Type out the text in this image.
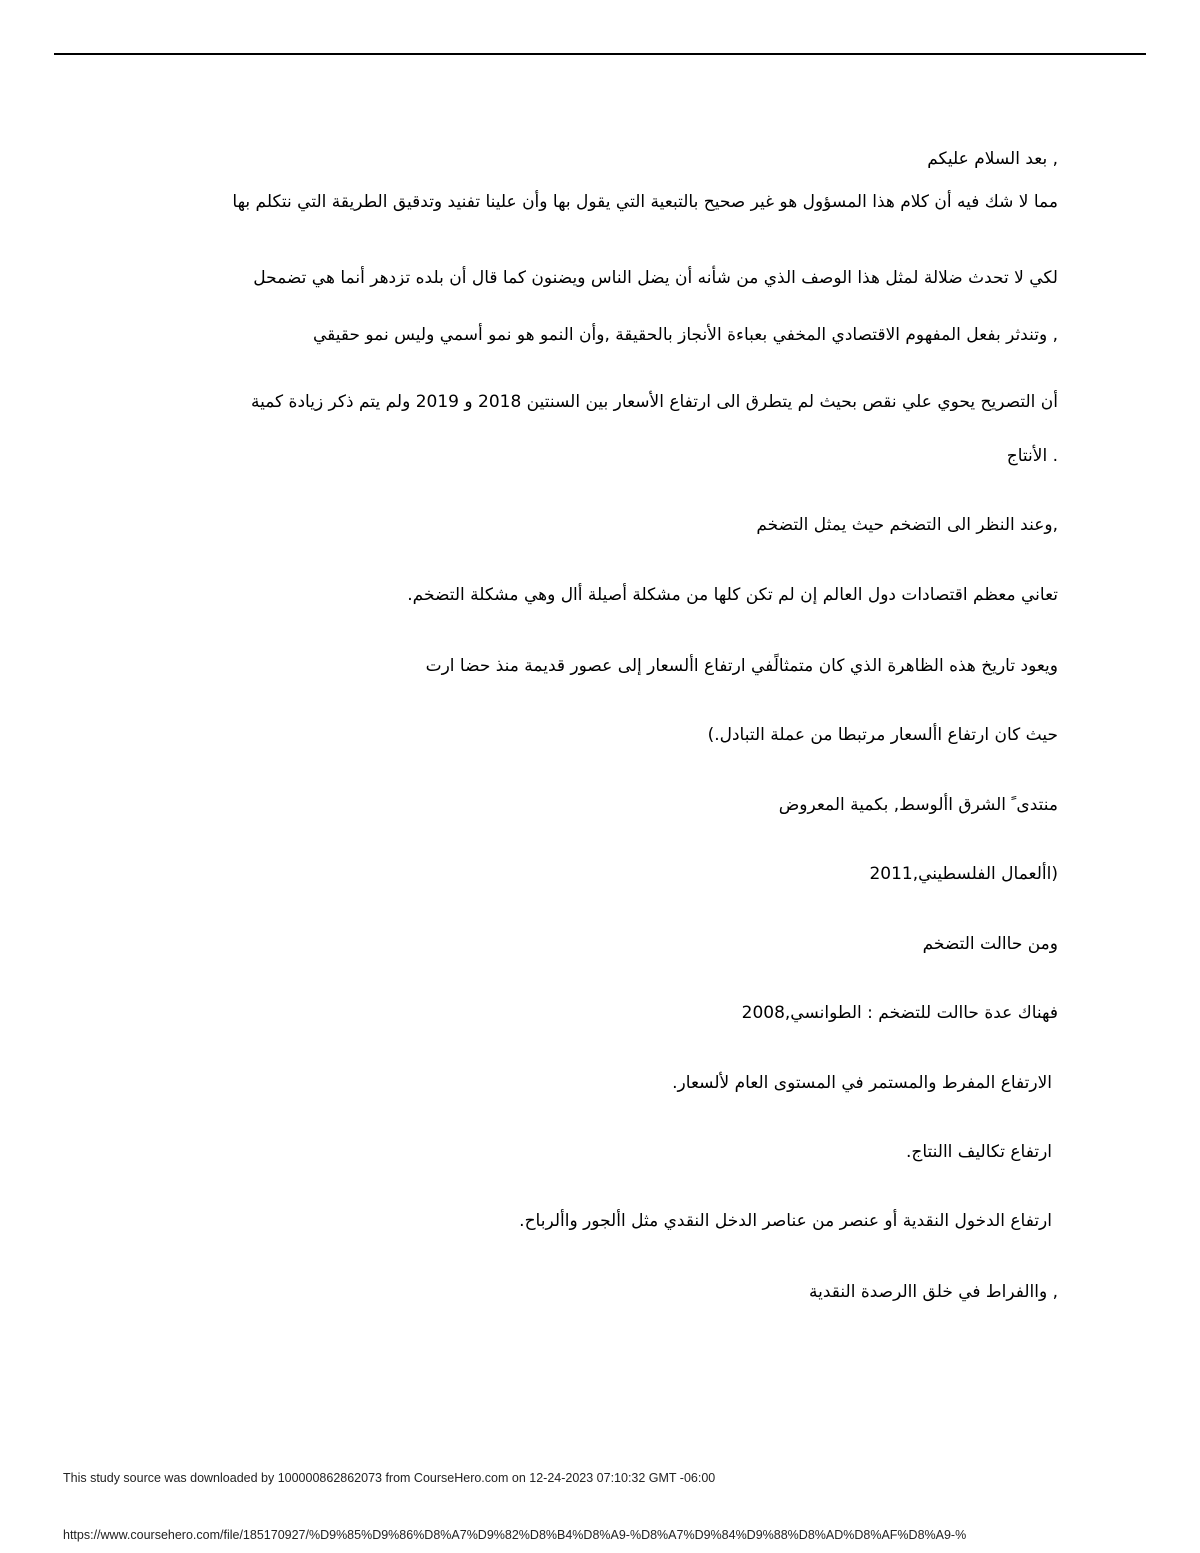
, بعد السلام عليكم
مما لا شك فيه أن كلام هذا المسؤول هو غير صحيح بالتبعية التي يقول بها وأن علينا تفنيد وتدقيق الطريقة التي نتكلم بها
لكي لا تحدث ضلالة لمثل هذا الوصف الذي من شأنه أن يضل الناس ويضنون كما قال أن بلده تزدهر أنما هي تضمحل
, وتندثر بفعل المفهوم الاقتصادي المخفي بعباءة الأنجاز بالحقيقة ,وأن النمو هو نمو أسمي وليس نمو حقيقي
أن التصريح يحوي علي نقص بحيث لم يتطرق الى ارتفاع الأسعار بين السنتين 2018 و 2019 ولم يتم ذكر زيادة كمية
. الأنتاج
,وعند النظر الى التضخم حيث يمثل التضخم
تعاني معظم اقتصادات دول العالم إن لم تكن كلها من مشكلة أصيلة أال وهي مشكلة التضخم.
ويعود تاريخ هذه الظاهرة الذي كان متمثالًفي ارتفاع األسعار إلى عصور قديمة منذ حضا ارت
حيث كان ارتفاع األسعار مرتبطا من عملة التبادل.)
منتدى ً الشرق األوسط, بكمية المعروض
(األعمال الفلسطيني,2011
ومن حاالت التضخم
فهناك عدة حاالت للتضخم : الطوانسي,2008
الارتفاع المفرط والمستمر في المستوى العام لألسعار.
ارتفاع تكاليف االنتاج.
ارتفاع الدخول النقدية أو عنصر من عناصر الدخل النقدي مثل األجور واألرباح.
, واالفراط في خلق االرصدة النقدية
This study source was downloaded by 100000862862073 from CourseHero.com on 12-24-2023 07:10:32 GMT -06:00
https://www.coursehero.com/file/185170927/%D9%85%D9%86%D8%A7%D9%82%D8%B4%D8%A9-%D8%A7%D9%84%D9%88%D8%AD%D8%AF%D8%A9-%
